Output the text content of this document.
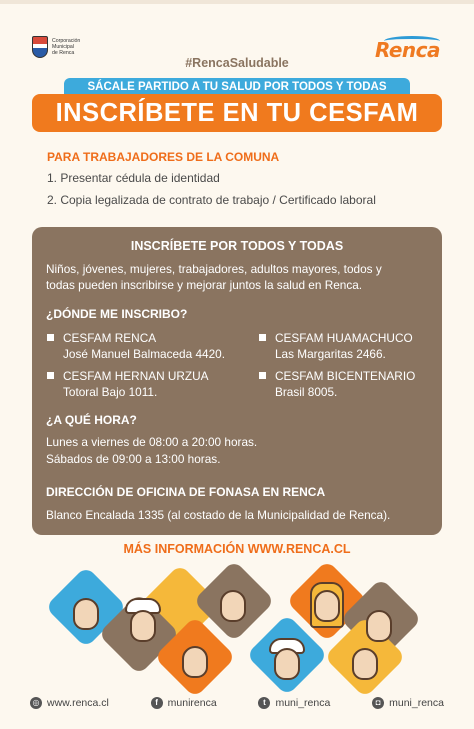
Corporación
Municipal
de Renca	Renca
#RencaSaludable
SÁCALE PARTIDO A TU SALUD POR TODOS Y TODAS
INSCRÍBETE EN TU CESFAM
PARA TRABAJADORES DE LA COMUNA
1. Presentar cédula de identidad
2. Copia legalizada de contrato de trabajo / Certificado laboral
INSCRÍBETE POR TODOS Y TODAS
Niños, jóvenes, mujeres, trabajadores, adultos mayores, todos y
todas pueden inscribirse y mejorar juntos la salud en Renca.
¿DÓNDE ME INSCRIBO?
CESFAM RENCA
José Manuel Balmaceda 4420.
CESFAM HUAMACHUCO
Las Margaritas 2466.
CESFAM HERNAN URZUA
Totoral Bajo 1011.
CESFAM BICENTENARIO
Brasil 8005.
¿A QUÉ HORA?
Lunes a viernes de 08:00 a 20:00 horas.
Sábados de 09:00 a 13:00 horas.
DIRECCIÓN DE OFICINA DE FONASA EN RENCA
Blanco Encalada 1335 (al costado de la Municipalidad de Renca).
MÁS INFORMACIÓN WWW.RENCA.CL
◎ www.renca.cl	f munirenca	t muni_renca	◘ muni_renca
